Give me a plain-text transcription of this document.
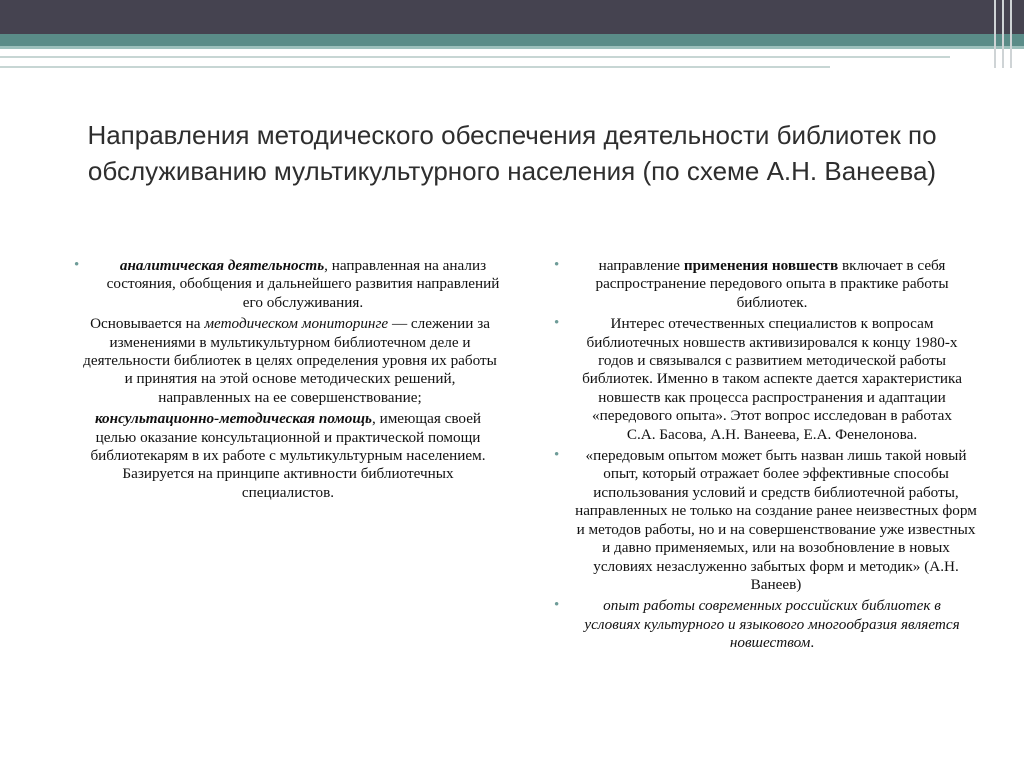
Направления методического обеспечения деятельности библиотек по обслуживанию мультикультурного населения (по схеме А.Н. Ванеева)

• аналитическая деятельность, направленная на анализ состояния, обобщения и дальнейшего развития направлений его обслуживания.

Основывается на методическом мониторинге — слежении за изменениями в мультикультурном библиотечном деле и деятельности библиотек в целях определения уровня их работы и принятия на этой основе методических решений, направленных на ее совершенствование;

консультационно-методическая помощь, имеющая своей целью оказание консультационной и практической помощи библиотекарям в их работе с мультикультурным населением. Базируется на принципе активности библиотечных специалистов.

• направление применения новшеств включает в себя распространение передового опыта в практике работы библиотек.

• Интерес отечественных специалистов к вопросам библиотечных новшеств активизировался к концу 1980-х годов и связывался с развитием методической работы библиотек. Именно в таком аспекте дается характеристика новшеств как процесса распространения и адаптации «передового опыта». Этот вопрос исследован в работах С.А. Басова, А.Н. Ванеева, Е.А. Фенелонова.

• «передовым опытом может быть назван лишь такой новый опыт, который отражает более эффективные способы использования условий и средств библиотечной работы, направленных не только на создание ранее неизвестных форм и методов работы, но и на совершенствование уже известных и давно применяемых, или на возобновление в новых условиях незаслуженно забытых форм и методик» (А.Н. Ванеев)

• опыт работы современных российских библиотек в условиях культурного и языкового многообразия является новшеством.
